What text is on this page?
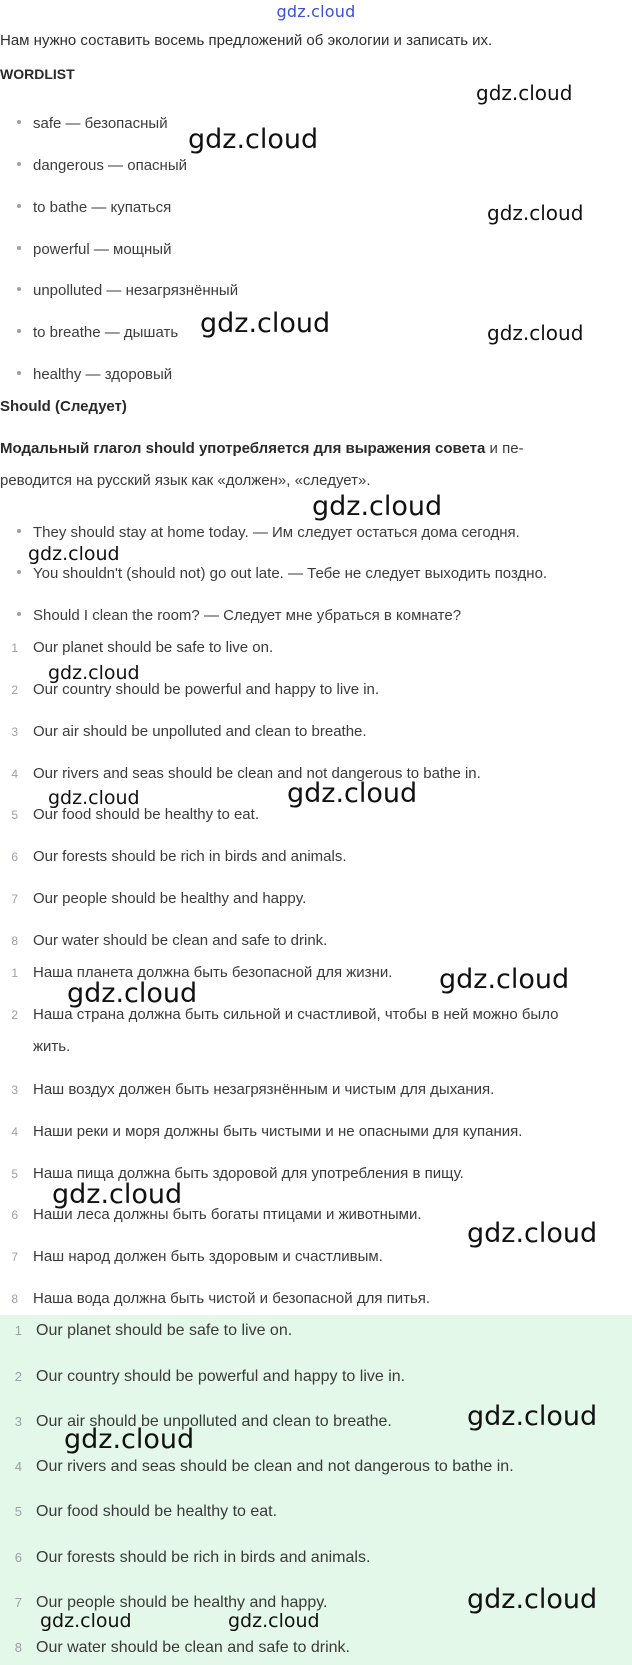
gdz.cloud
Нам нужно составить восемь предложений об экологии и записать их.
WORDLIST
safe — безопасный
dangerous — опасный
to bathe — купаться
powerful — мощный
unpolluted — незагрязнённый
to breathe — дышать
healthy — здоровый
Should (Следует)
Модальный глагол should употребляется для выражения совета и пе-
реводится на русский язык как «должен», «следует».
They should stay at home today. — Им следует остаться дома сегодня.
You shouldn't (should not) go out late. — Тебе не следует выходить поздно.
Should I clean the room? — Следует мне убраться в комнате?
1 Our planet should be safe to live on.
2 Our country should be powerful and happy to live in.
3 Our air should be unpolluted and clean to breathe.
4 Our rivers and seas should be clean and not dangerous to bathe in.
5 Our food should be healthy to eat.
6 Our forests should be rich in birds and animals.
7 Our people should be healthy and happy.
8 Our water should be clean and safe to drink.
1 Наша планета должна быть безопасной для жизни.
2 Наша страна должна быть сильной и счастливой, чтобы в ней можно было
жить.
3 Наш воздух должен быть незагрязнённым и чистым для дыхания.
4 Наши реки и моря должны быть чистыми и не опасными для купания.
5 Наша пища должна быть здоровой для употребления в пищу.
6 Наши леса должны быть богаты птицами и животными.
7 Наш народ должен быть здоровым и счастливым.
8 Наша вода должна быть чистой и безопасной для питья.
1 Our planet should be safe to live on.
2 Our country should be powerful and happy to live in.
3 Our air should be unpolluted and clean to breathe.
4 Our rivers and seas should be clean and not dangerous to bathe in.
5 Our food should be healthy to eat.
6 Our forests should be rich in birds and animals.
7 Our people should be healthy and happy.
8 Our water should be clean and safe to drink.
gdz.cloud
gdz.cloud
gdz.cloud
gdz.cloud	gdz.cloud
gdz.cloud
gdz.cloud
gdz.cloud
gdz.cloud	gdz.cloud
gdz.cloud
gdz.cloud
gdz.cloud
gdz.cloud
gdz.cloud
gdz.cloud
gdz.cloud
gdz.cloud	gdz.cloud
